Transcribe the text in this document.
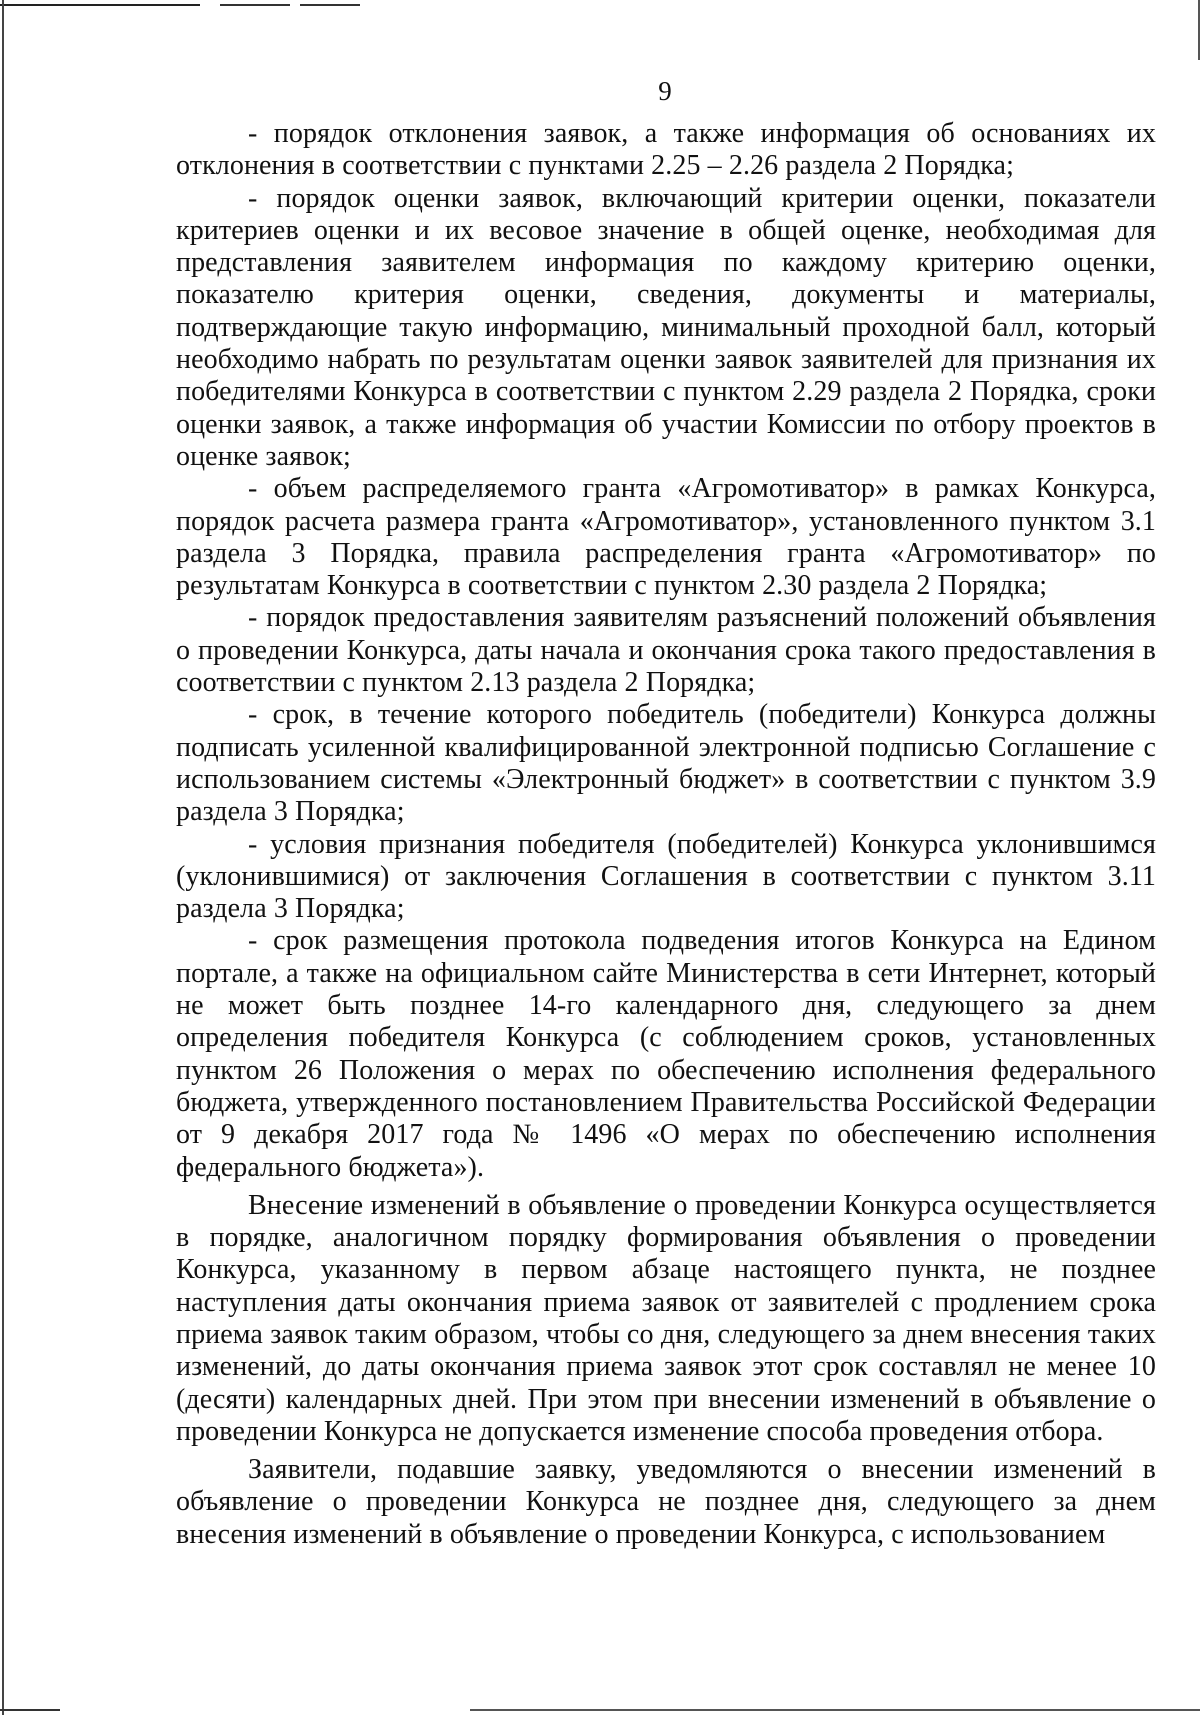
9

- порядок отклонения заявок, а также информация об основаниях их отклонения в соответствии с пунктами 2.25 – 2.26 раздела 2 Порядка;

- порядок оценки заявок, включающий критерии оценки, показатели критериев оценки и их весовое значение в общей оценке, необходимая для представления заявителем информация по каждому критерию оценки, показателю критерия оценки, сведения, документы и материалы, подтверждающие такую информацию, минимальный проходной балл, который необходимо набрать по результатам оценки заявок заявителей для признания их победителями Конкурса в соответствии с пунктом 2.29 раздела 2 Порядка, сроки оценки заявок, а также информация об участии Комиссии по отбору проектов в оценке заявок;

- объем распределяемого гранта «Агромотиватор» в рамках Конкурса, порядок расчета размера гранта «Агромотиватор», установленного пунктом 3.1 раздела 3 Порядка, правила распределения гранта «Агромотиватор» по результатам Конкурса в соответствии с пунктом 2.30 раздела 2 Порядка;

- порядок предоставления заявителям разъяснений положений объявления о проведении Конкурса, даты начала и окончания срока такого предоставления в соответствии с пунктом 2.13 раздела 2 Порядка;

- срок, в течение которого победитель (победители) Конкурса должны подписать усиленной квалифицированной электронной подписью Соглашение с использованием системы «Электронный бюджет» в соответствии с пунктом 3.9 раздела 3 Порядка;

- условия признания победителя (победителей) Конкурса уклонившимся (уклонившимися) от заключения Соглашения в соответствии с пунктом 3.11 раздела 3 Порядка;

- срок размещения протокола подведения итогов Конкурса на Едином портале, а также на официальном сайте Министерства в сети Интернет, который не может быть позднее 14-го календарного дня, следующего за днем определения победителя Конкурса (с соблюдением сроков, установленных пунктом 26 Положения о мерах по обеспечению исполнения федерального бюджета, утвержденного постановлением Правительства Российской Федерации от 9 декабря 2017 года № 1496 «О мерах по обеспечению исполнения федерального бюджета»).

Внесение изменений в объявление о проведении Конкурса осуществляется в порядке, аналогичном порядку формирования объявления о проведении Конкурса, указанному в первом абзаце настоящего пункта, не позднее наступления даты окончания приема заявок от заявителей с продлением срока приема заявок таким образом, чтобы со дня, следующего за днем внесения таких изменений, до даты окончания приема заявок этот срок составлял не менее 10 (десяти) календарных дней. При этом при внесении изменений в объявление о проведении Конкурса не допускается изменение способа проведения отбора.

Заявители, подавшие заявку, уведомляются о внесении изменений в объявление о проведении Конкурса не позднее дня, следующего за днем внесения изменений в объявление о проведении Конкурса, с использованием
